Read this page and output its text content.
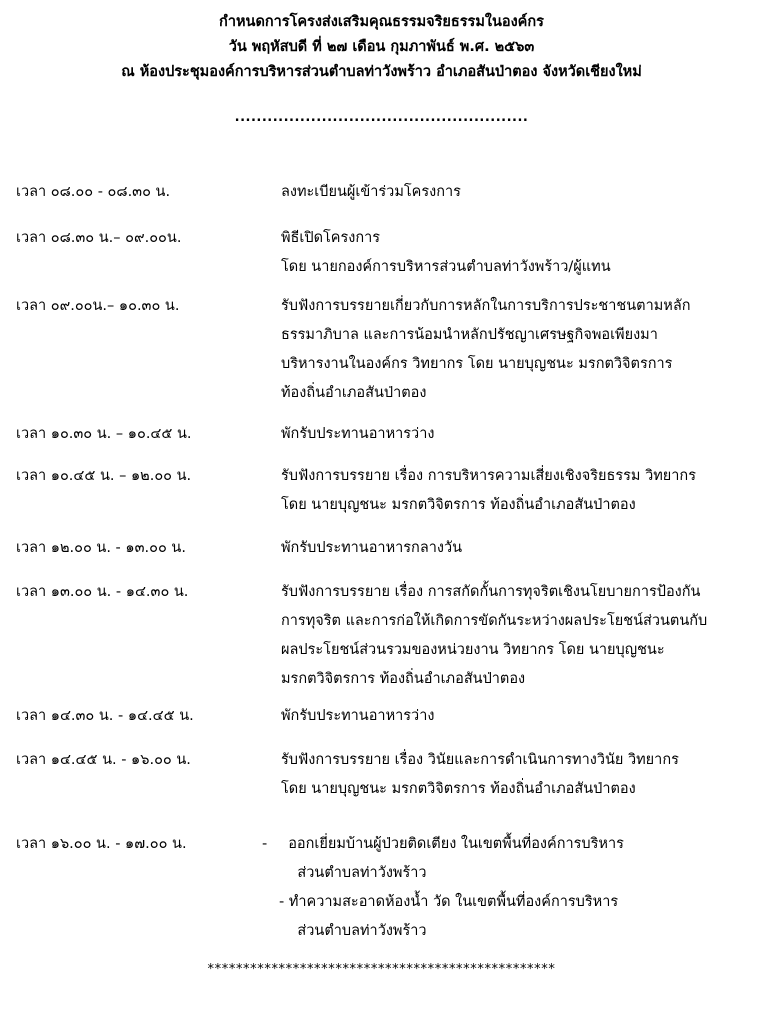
กำหนดการโครงส่งเสริมคุณธรรมจริยธรรมในองค์กร
วัน พฤหัสบดี ที่ ๒๗ เดือน กุมภาพันธ์ พ.ศ. ๒๕๖๓
ณ ห้องประชุมองค์การบริหารส่วนตำบลท่าวังพร้าว อำเภอสันป่าตอง จังหวัดเชียงใหม่
......................................................
เวลา ๐๘.๐๐ - ๐๘.๓๐ น.	ลงทะเบียนผู้เข้าร่วมโครงการ
เวลา ๐๘.๓๐ น.– ๐๙.๐๐น.	พิธีเปิดโครงการ
โดย นายกองค์การบริหารส่วนตำบลท่าวังพร้าว/ผู้แทน
เวลา ๐๙.๐๐น.– ๑๐.๓๐ น.	รับฟังการบรรยายเกี่ยวกับการหลักในการบริการประชาชนตามหลัก
ธรรมาภิบาล และการน้อมนำหลักปรัชญาเศรษฐกิจพอเพียงมา
บริหารงานในองค์กร วิทยากร โดย นายบุญชนะ มรกตวิจิตรการ
ท้องถิ่นอำเภอสันป่าตอง
เวลา ๑๐.๓๐ น. – ๑๐.๔๕ น.	พักรับประทานอาหารว่าง
เวลา ๑๐.๔๕ น. – ๑๒.๐๐ น.	รับฟังการบรรยาย เรื่อง การบริหารความเสี่ยงเชิงจริยธรรม วิทยากร
โดย นายบุญชนะ มรกตวิจิตรการ ท้องถิ่นอำเภอสันป่าตอง
เวลา ๑๒.๐๐ น. - ๑๓.๐๐ น.	พักรับประทานอาหารกลางวัน
เวลา ๑๓.๐๐ น. - ๑๔.๓๐ น.	รับฟังการบรรยาย เรื่อง การสกัดกั้นการทุจริตเชิงนโยบายการป้องกัน
การทุจริต และการก่อให้เกิดการขัดกันระหว่างผลประโยชน์ส่วนตนกับ
ผลประโยชน์ส่วนรวมของหน่วยงาน วิทยากร โดย นายบุญชนะ
มรกตวิจิตรการ ท้องถิ่นอำเภอสันป่าตอง
เวลา ๑๔.๓๐ น. - ๑๔.๔๕ น.	พักรับประทานอาหารว่าง
เวลา ๑๔.๔๕ น. - ๑๖.๐๐ น.	รับฟังการบรรยาย เรื่อง วินัยและการดำเนินการทางวินัย วิทยากร
โดย นายบุญชนะ มรกตวิจิตรการ ท้องถิ่นอำเภอสันป่าตอง
เวลา ๑๖.๐๐ น. - ๑๗.๐๐ น.	- ออกเยี่ยมบ้านผู้ป่วยติดเตียง ในเขตพื้นที่องค์การบริหาร
ส่วนตำบลท่าวังพร้าว
- ทำความสะอาดห้องน้ำ วัด ในเขตพื้นที่องค์การบริหาร
ส่วนตำบลท่าวังพร้าว
*************************************************
